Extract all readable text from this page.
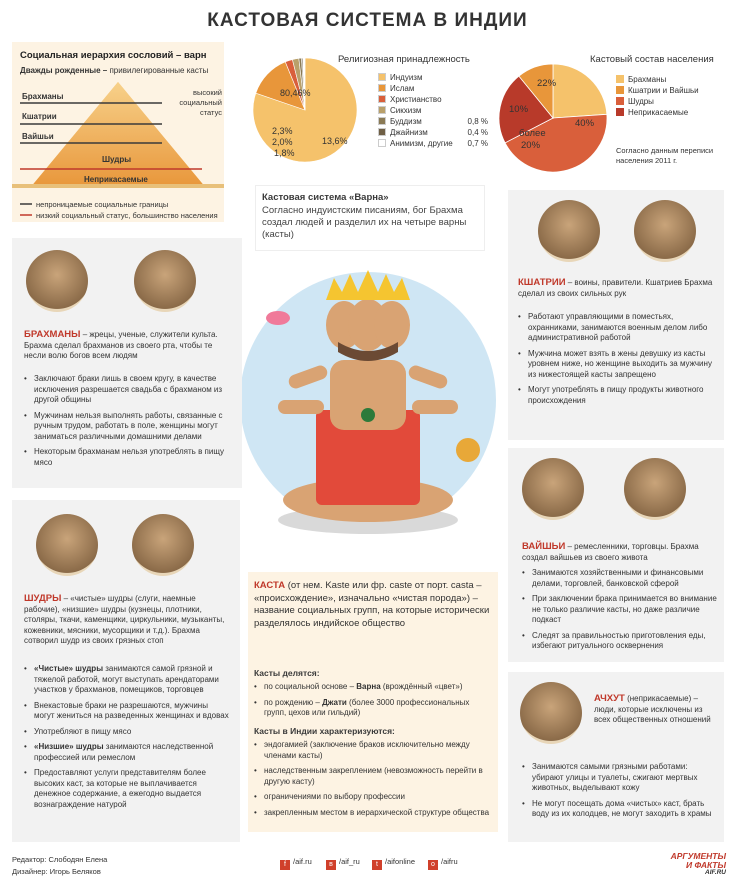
КАСТОВАЯ СИСТЕМА В ИНДИИ
Социальная иерархия сословий – варн
Дважды рожденные – привилегированные касты
Брахманы
Кшатрии
Вайшьи
Шудры
Неприкасаемые
высокий социальный статус
непроницаемые социальные границы
низкий социальный статус, большинство населения
Религиозная принадлежность
80,46%
13,6%
2,3%
2,0%
1,8%
Индуизм
Ислам
Христианство
Сикхизм
Буддизм	0,8 %
Джайнизм	0,4 %
Анимизм, другие 0,7 %
Кастовый состав населения
22%
40%
более
20%
10%
Брахманы
Кшатрии и Вайшьи
Шудры
Неприкасаемые
Согласно данным переписи населения 2011 г.
Кастовая система «Варна»
Согласно индуистским писаниям, бог Брахма создал людей и разделил их на четыре варны (касты)
БРАХМАНЫ – жрецы, ученые, служители культа. Брахма сделал брахманов из своего рта, чтобы те несли волю богов всем людям
• Заключают браки лишь в своем кругу, в качестве исключения разрешается свадьба с брахманом из другой общины
• Мужчинам нельзя выполнять работы, связанные с ручным трудом, работать в поле, женщины могут заниматься различными домашними делами
• Некоторым брахманам нельзя употреблять в пищу мясо
КШАТРИИ – воины, правители. Кшатриев Брахма сделал из своих сильных рук
• Работают управляющими в поместьях, охранниками, занимаются военным делом либо административной работой
• Мужчина может взять в жены девушку из касты уровнем ниже, но женщине выходить за мужчину из нижестоящей касты запрещено
• Могут употреблять в пищу продукты животного происхождения
ВАЙШЬИ – ремесленники, торговцы. Брахма создал вайшьев из своего живота
• Занимаются хозяйственными и финансовыми делами, торговлей, банковской сферой
• При заключении брака принимается во внимание не только различие касты, но даже различие подкаст
• Следят за правильностью приготовления еды, избегают ритуального осквернения
ШУДРЫ – «чистые» шудры (слуги, наемные рабочие), «низшие» шудры (кузнецы, плотники, столяры, ткачи, каменщики, циркульники, музыканты, кожевники, мясники, мусорщики и т.д.). Брахма сотворил шудр из своих грязных стоп
• «Чистые» шудры занимаются самой грязной и тяжелой работой, могут выступать арендаторами участков у брахманов, помещиков, торговцев
• Внекастовые браки не разрешаются, мужчины могут жениться на разведенных женщинах и вдовах
• Употребляют в пищу мясо
• «Низшие» шудры занимаются наследственной профессией или ремеслом
• Предоставляют услуги представителям более высоких каст, за которые не выплачивается денежное содержание, а ежегодно выдается вознаграждение натурой
КАСТА (от нем. Kaste или фр. caste от порт. casta – «происхождение», изначально «чистая порода») – название социальных групп, на которые исторически разделялось индийское общество
Касты делятся:
• по социальной основе – Варна (врождённый «цвет»)
• по рождению – Джати (более 3000 профессиональных групп, цехов или гильдий)
Касты в Индии характеризуются:
• эндогамией (заключение браков исключительно между членами касты)
• наследственным закреплением (невозможность перейти в другую касту)
• ограничениями по выбору профессии
• закрепленным местом в иерархической структуре общества
АЧХУТ (неприкасаемые) – люди, которые исключены из всех общественных отношений
• Занимаются самыми грязными работами: убирают улицы и туалеты, сжигают мертвых животных, выделывают кожу
• Не могут посещать дома «чистых» каст, брать воду из их колодцев, не могут заходить в храмы
Редактор: Слободян Елена
Дизайнер: Игорь Беляков
f /aif.ru	в /aif_ru	t /aifonline	о /aifru
АРГУМЕНТЫ
И ФАКТЫ
AIF.RU
